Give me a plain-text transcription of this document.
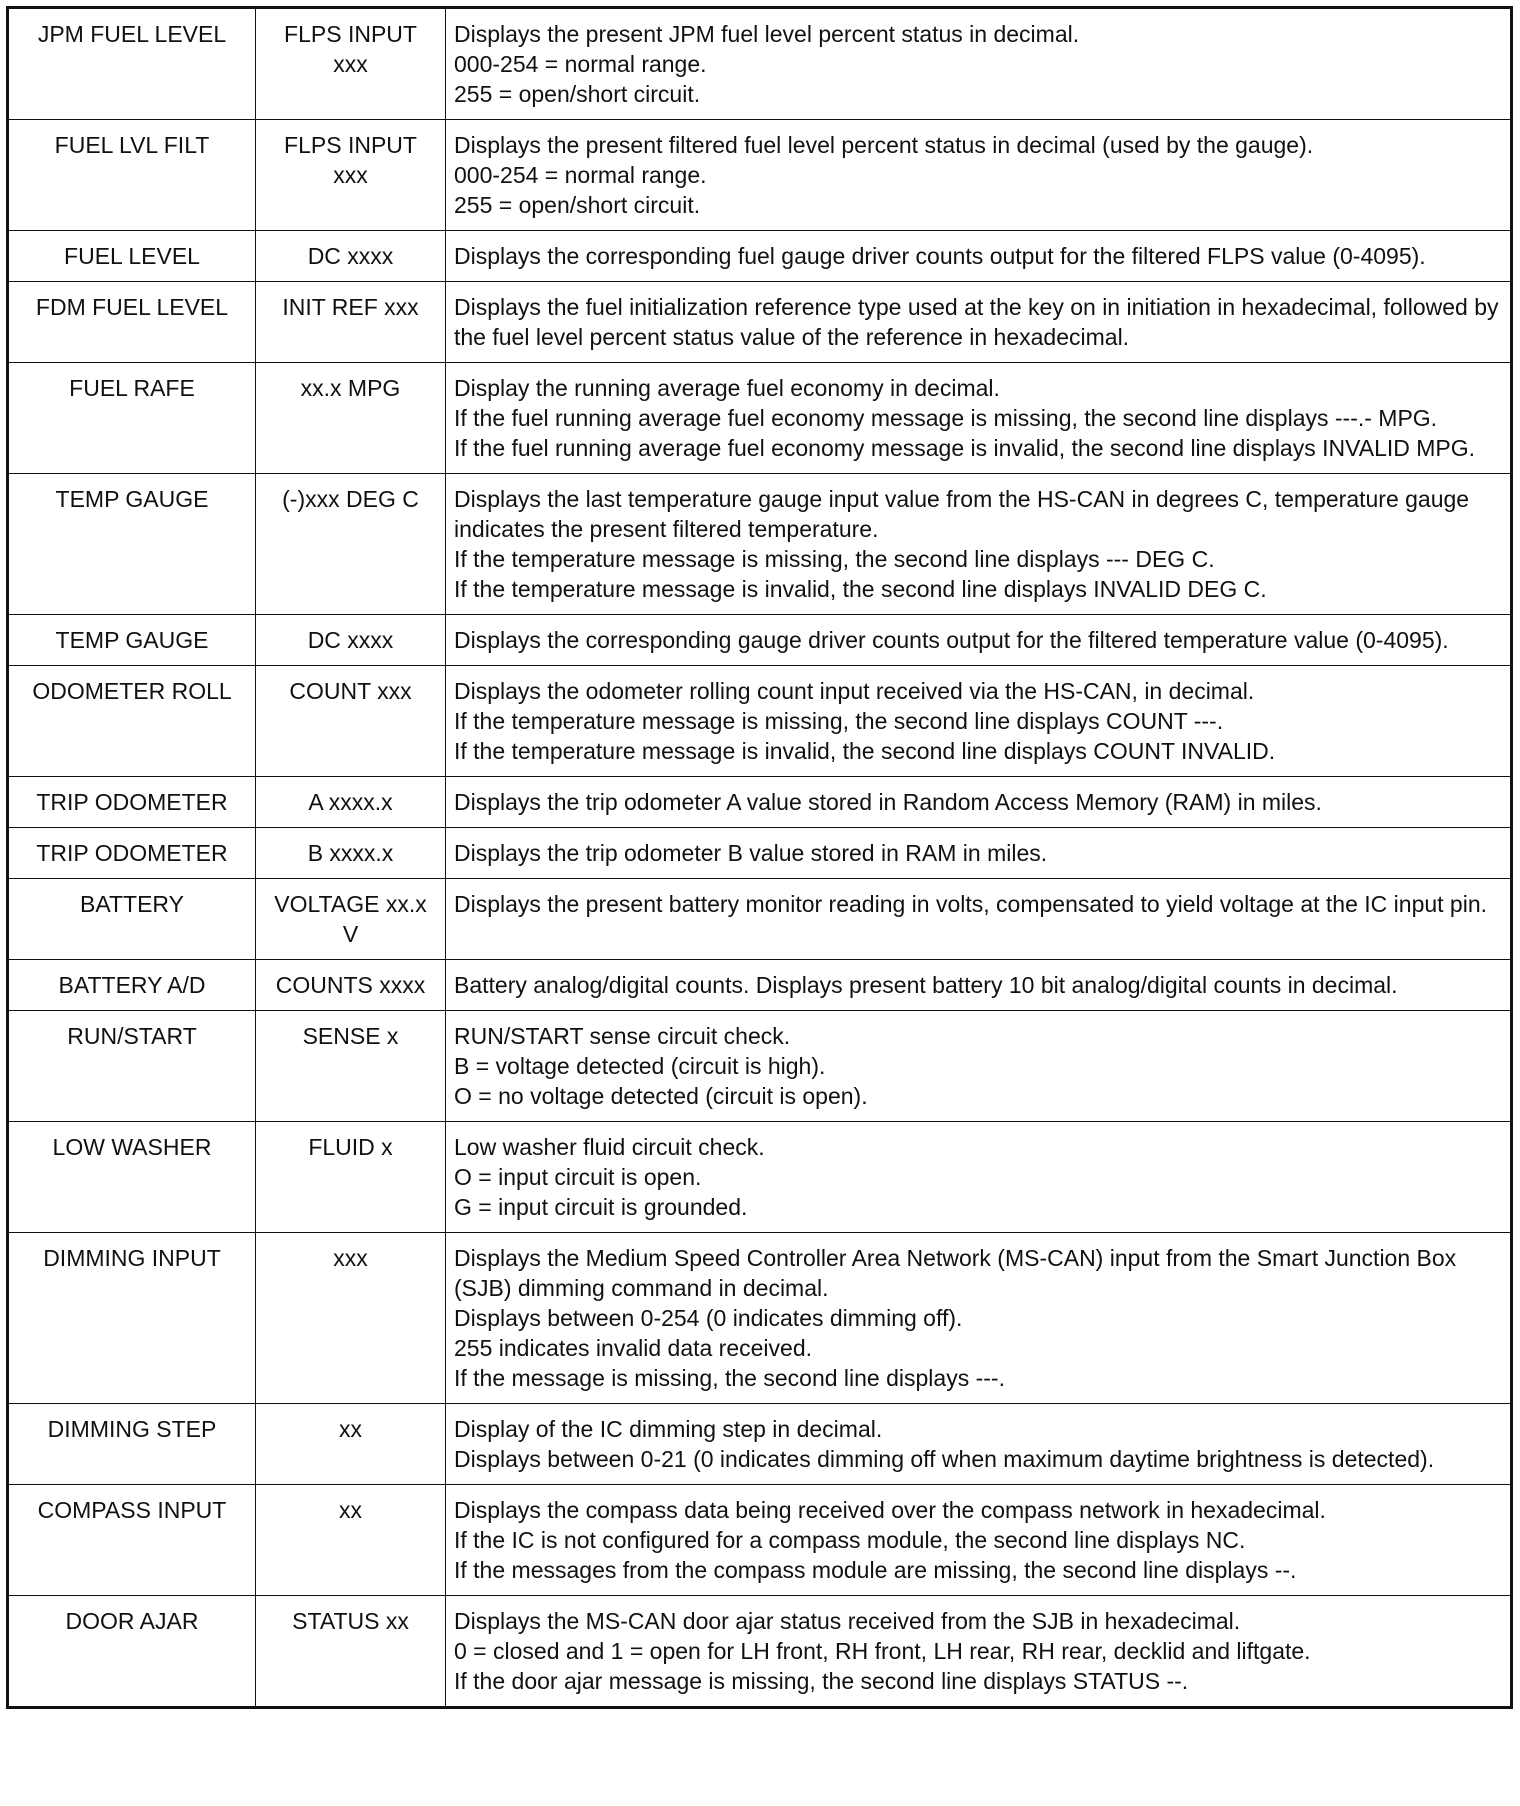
JPM FUEL LEVEL	FLPS INPUT xxx	Displays the present JPM fuel level percent status in decimal.
000-254 = normal range.
255 = open/short circuit.

FUEL LVL FILT	FLPS INPUT xxx	Displays the present filtered fuel level percent status in decimal (used by the gauge).
000-254 = normal range.
255 = open/short circuit.

FUEL LEVEL	DC xxxx	Displays the corresponding fuel gauge driver counts output for the filtered FLPS value (0-4095).

FDM FUEL LEVEL	INIT REF xxx	Displays the fuel initialization reference type used at the key on in initiation in hexadecimal, followed by the fuel level percent status value of the reference in hexadecimal.

FUEL RAFE	xx.x MPG	Display the running average fuel economy in decimal.
If the fuel running average fuel economy message is missing, the second line displays ---.- MPG.
If the fuel running average fuel economy message is invalid, the second line displays INVALID MPG.

TEMP GAUGE	(-)xxx DEG C	Displays the last temperature gauge input value from the HS-CAN in degrees C, temperature gauge indicates the present filtered temperature.
If the temperature message is missing, the second line displays --- DEG C.
If the temperature message is invalid, the second line displays INVALID DEG C.

TEMP GAUGE	DC xxxx	Displays the corresponding gauge driver counts output for the filtered temperature value (0-4095).

ODOMETER ROLL	COUNT xxx	Displays the odometer rolling count input received via the HS-CAN, in decimal.
If the temperature message is missing, the second line displays COUNT ---.
If the temperature message is invalid, the second line displays COUNT INVALID.

TRIP ODOMETER	A xxxx.x	Displays the trip odometer A value stored in Random Access Memory (RAM) in miles.

TRIP ODOMETER	B xxxx.x	Displays the trip odometer B value stored in RAM in miles.

BATTERY	VOLTAGE xx.x V	Displays the present battery monitor reading in volts, compensated to yield voltage at the IC input pin.

BATTERY A/D	COUNTS xxxx	Battery analog/digital counts. Displays present battery 10 bit analog/digital counts in decimal.

RUN/START	SENSE x	RUN/START sense circuit check.
B = voltage detected (circuit is high).
O = no voltage detected (circuit is open).

LOW WASHER	FLUID x	Low washer fluid circuit check.
O = input circuit is open.
G = input circuit is grounded.

DIMMING INPUT	xxx	Displays the Medium Speed Controller Area Network (MS-CAN) input from the Smart Junction Box (SJB) dimming command in decimal.
Displays between 0-254 (0 indicates dimming off).
255 indicates invalid data received.
If the message is missing, the second line displays ---.

DIMMING STEP	xx	Display of the IC dimming step in decimal.
Displays between 0-21 (0 indicates dimming off when maximum daytime brightness is detected).

COMPASS INPUT	xx	Displays the compass data being received over the compass network in hexadecimal.
If the IC is not configured for a compass module, the second line displays NC.
If the messages from the compass module are missing, the second line displays --.

DOOR AJAR	STATUS xx	Displays the MS-CAN door ajar status received from the SJB in hexadecimal.
0 = closed and 1 = open for LH front, RH front, LH rear, RH rear, decklid and liftgate.
If the door ajar message is missing, the second line displays STATUS --.
